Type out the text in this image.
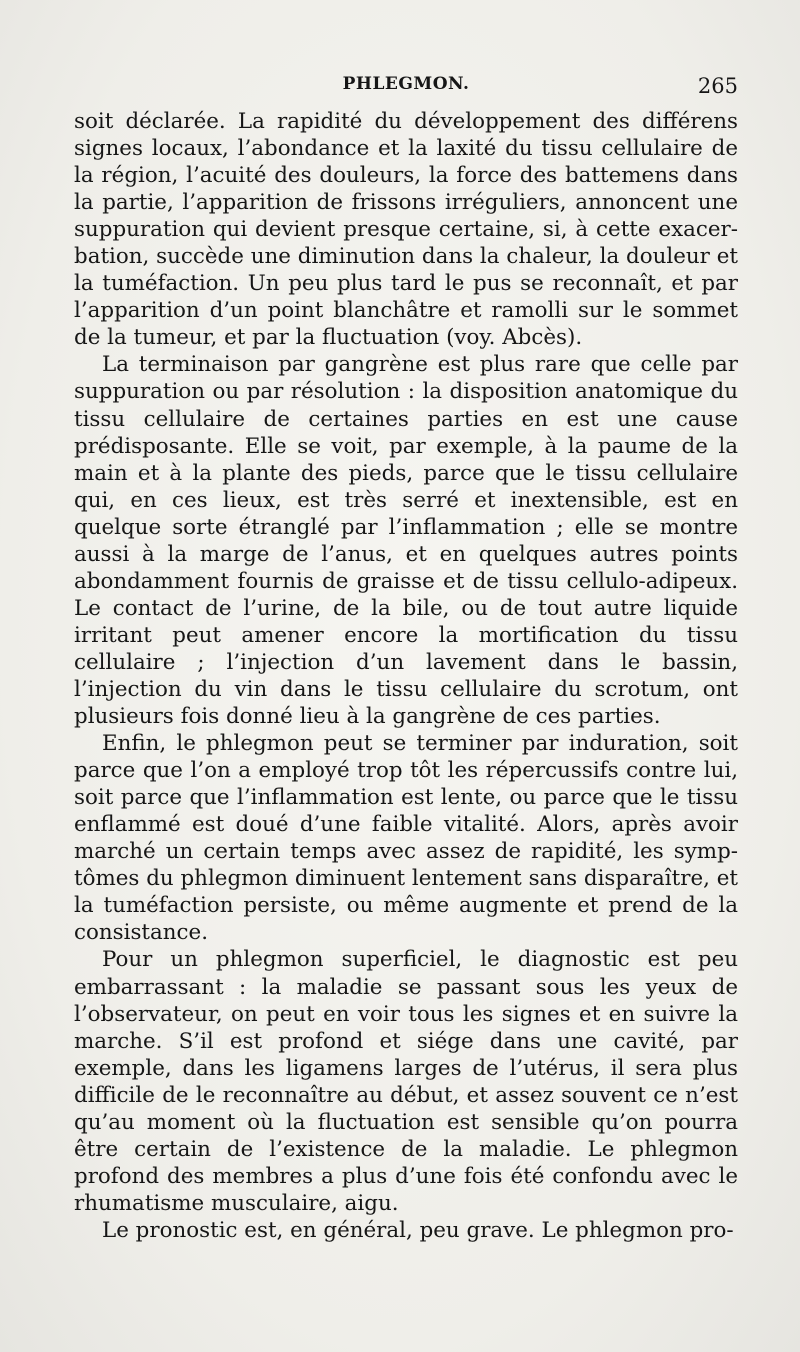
PHLEGMON.	265

soit déclarée. La rapidité du développement des différens signes locaux, l’abondance et la laxité du tissu cellulaire de la région, l’acuité des douleurs, la force des battemens dans la partie, l’apparition de frissons irréguliers, annoncent une suppuration qui devient presque certaine, si, à cette exacerbation, succède une diminution dans la chaleur, la douleur et la tuméfaction. Un peu plus tard le pus se reconnaît, et par l’apparition d’un point blanchâtre et ramolli sur le sommet de la tumeur, et par la fluctuation (voy. Abcès).

La terminaison par gangrène est plus rare que celle par suppuration ou par résolution : la disposition anatomique du tissu cellulaire de certaines parties en est une cause prédisposante. Elle se voit, par exemple, à la paume de la main et à la plante des pieds, parce que le tissu cellulaire qui, en ces lieux, est très serré et inextensible, est en quelque sorte étranglé par l’inflammation ; elle se montre aussi à la marge de l’anus, et en quelques autres points abondamment fournis de graisse et de tissu cellulo-adipeux. Le contact de l’urine, de la bile, ou de tout autre liquide irritant peut amener encore la mortification du tissu cellulaire ; l’injection d’un lavement dans le bassin, l’injection du vin dans le tissu cellulaire du scrotum, ont plusieurs fois donné lieu à la gangrène de ces parties.

Enfin, le phlegmon peut se terminer par induration, soit parce que l’on a employé trop tôt les répercussifs contre lui, soit parce que l’inflammation est lente, ou parce que le tissu enflammé est doué d’une faible vitalité. Alors, après avoir marché un certain temps avec assez de rapidité, les symptômes du phlegmon diminuent lentement sans disparaître, et la tuméfaction persiste, ou même augmente et prend de la consistance.

Pour un phlegmon superficiel, le diagnostic est peu embarrassant : la maladie se passant sous les yeux de l’observateur, on peut en voir tous les signes et en suivre la marche. S’il est profond et siége dans une cavité, par exemple, dans les ligamens larges de l’utérus, il sera plus difficile de le reconnaître au début, et assez souvent ce n’est qu’au moment où la fluctuation est sensible qu’on pourra être certain de l’existence de la maladie. Le phlegmon profond des membres a plus d’une fois été confondu avec le rhumatisme musculaire, aigu.

Le pronostic est, en général, peu grave. Le phlegmon pro-
